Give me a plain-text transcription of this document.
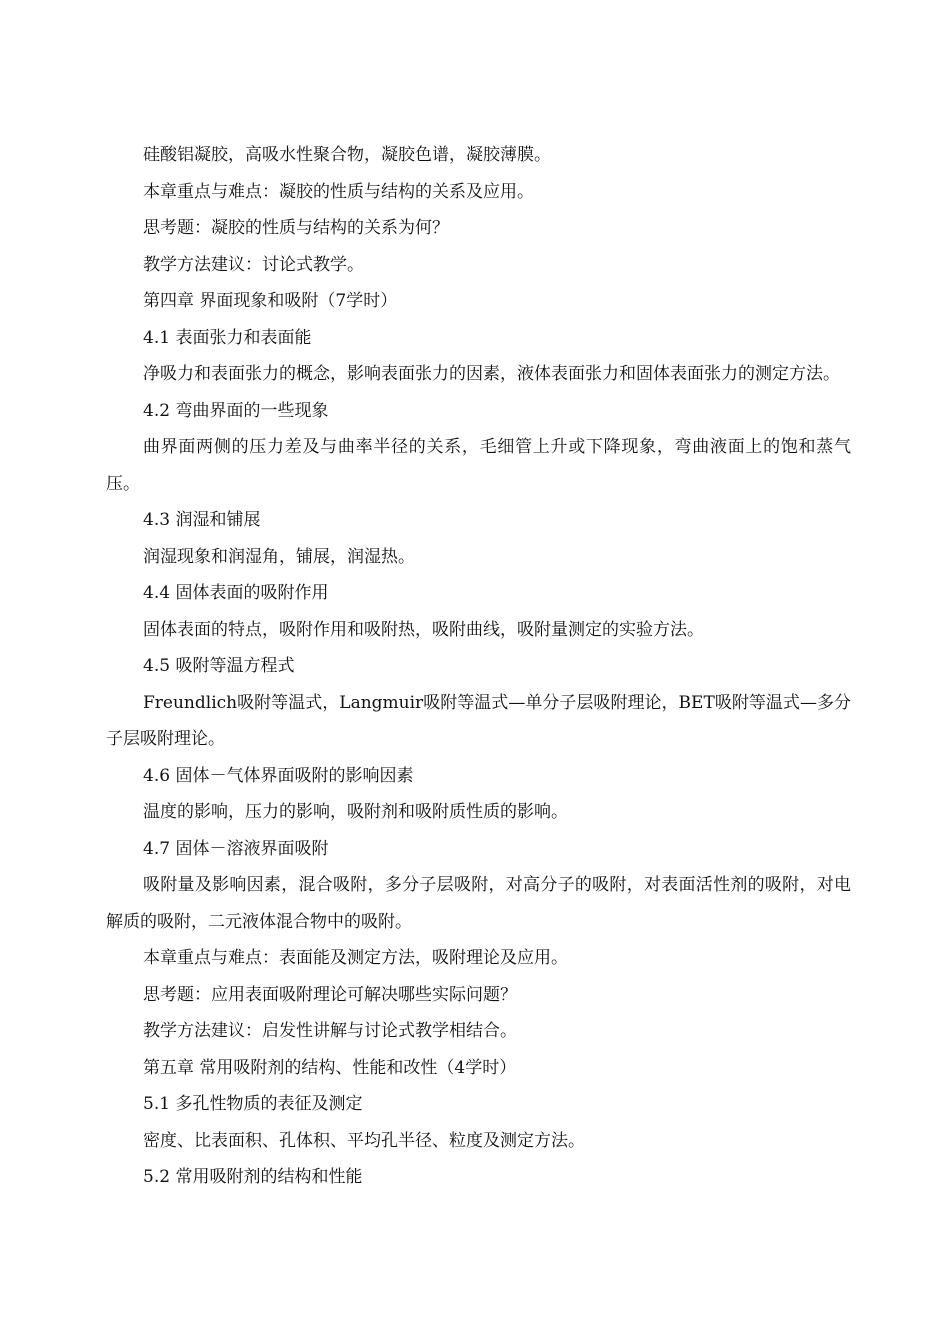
硅酸铝凝胶，高吸水性聚合物，凝胶色谱，凝胶薄膜。

本章重点与难点：凝胶的性质与结构的关系及应用。

思考题：凝胶的性质与结构的关系为何？

教学方法建议：讨论式教学。

第四章 界面现象和吸附（7学时）

4.1 表面张力和表面能

净吸力和表面张力的概念，影响表面张力的因素，液体表面张力和固体表面张力的测定方法。

4.2 弯曲界面的一些现象

曲界面两侧的压力差及与曲率半径的关系，毛细管上升或下降现象，弯曲液面上的饱和蒸气压。

4.3 润湿和铺展

润湿现象和润湿角，铺展，润湿热。

4.4 固体表面的吸附作用

固体表面的特点，吸附作用和吸附热，吸附曲线，吸附量测定的实验方法。

4.5 吸附等温方程式

Freundlich吸附等温式，Langmuir吸附等温式—单分子层吸附理论，BET吸附等温式—多分子层吸附理论。

4.6 固体－气体界面吸附的影响因素

温度的影响，压力的影响，吸附剂和吸附质性质的影响。

4.7 固体－溶液界面吸附

吸附量及影响因素，混合吸附，多分子层吸附，对高分子的吸附，对表面活性剂的吸附，对电解质的吸附，二元液体混合物中的吸附。

本章重点与难点：表面能及测定方法，吸附理论及应用。

思考题：应用表面吸附理论可解决哪些实际问题？

教学方法建议：启发性讲解与讨论式教学相结合。

第五章 常用吸附剂的结构、性能和改性（4学时）

5.1 多孔性物质的表征及测定

密度、比表面积、孔体积、平均孔半径、粒度及测定方法。

5.2 常用吸附剂的结构和性能
